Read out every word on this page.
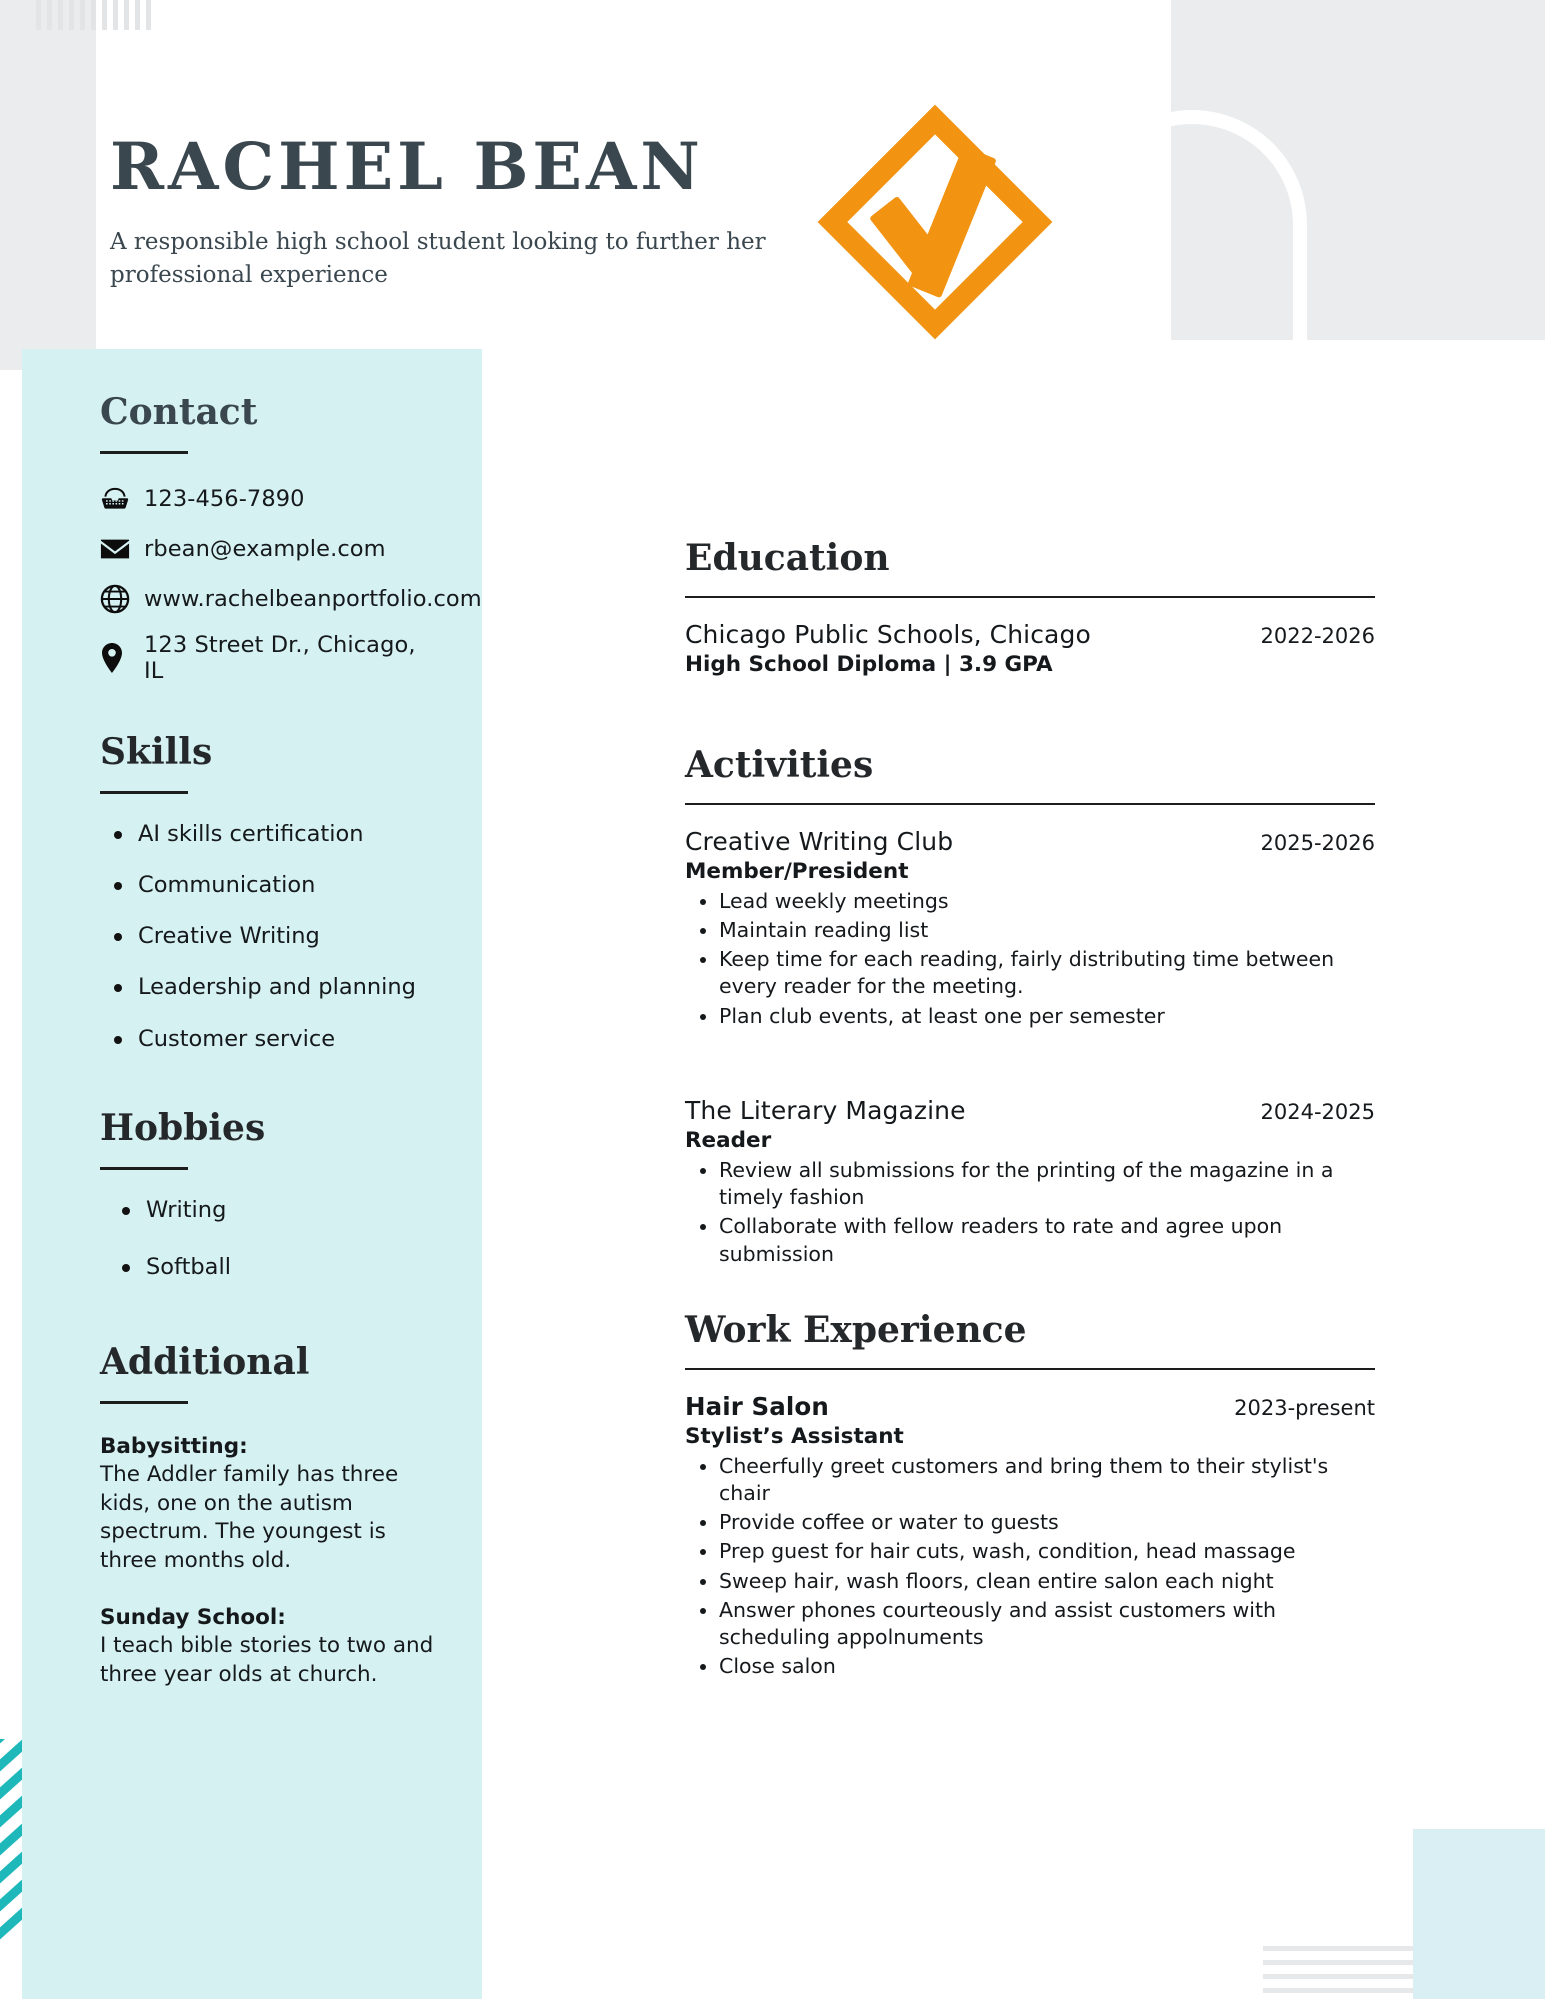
RACHEL BEAN
A responsible high school student looking to further her professional experience
Contact
123-456-7890
rbean@example.com
www.rachelbeanportfolio.com
123 Street Dr., Chicago, IL
Skills
AI skills certification
Communication
Creative Writing
Leadership and planning
Customer service
Hobbies
Writing
Softball
Additional
Babysitting:
The Addler family has three kids, one on the autism spectrum. The youngest is three months old.
Sunday School:
I teach bible stories to two and three year olds at church.
Education
Chicago Public Schools, Chicago	2022-2026
High School Diploma | 3.9 GPA
Activities
Creative Writing Club	2025-2026
Member/President
• Lead weekly meetings
• Maintain reading list
• Keep time for each reading, fairly distributing time between every reader for the meeting.
• Plan club events, at least one per semester
The Literary Magazine	2024-2025
Reader
• Review all submissions for the printing of the magazine in a timely fashion
• Collaborate with fellow readers to rate and agree upon submission
Work Experience
Hair Salon	2023-present
Stylist’s Assistant
• Cheerfully greet customers and bring them to their stylist's chair
• Provide coffee or water to guests
• Prep guest for hair cuts, wash, condition, head massage
• Sweep hair, wash floors, clean entire salon each night
• Answer phones courteously and assist customers with scheduling appolnuments
• Close salon
